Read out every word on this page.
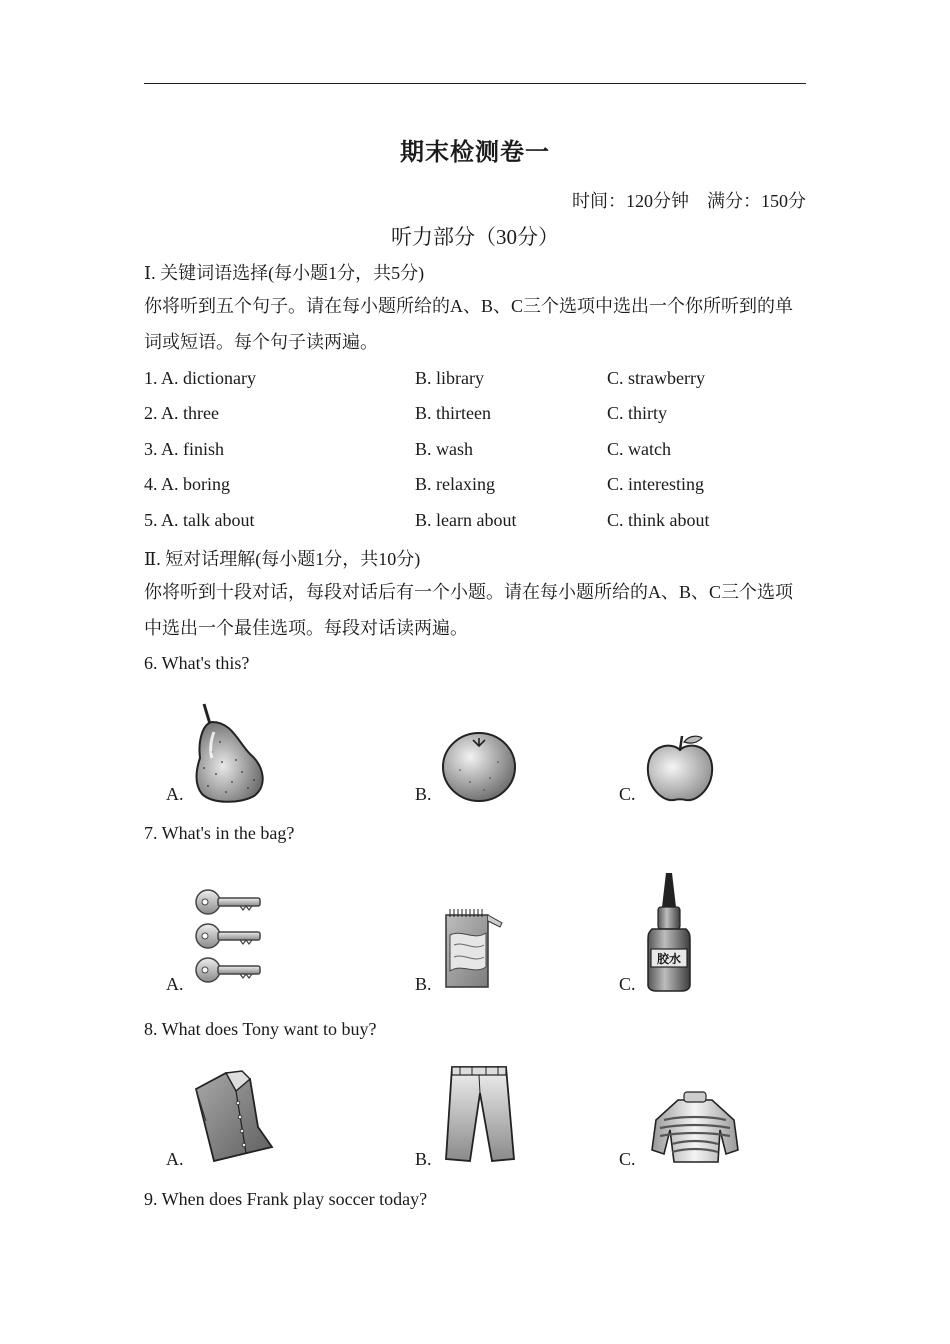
期末检测卷一
时间：120分钟　满分：150分
听力部分（30分）
Ⅰ. 关键词语选择(每小题1分，共5分)
你将听到五个句子。请在每小题所给的A、B、C三个选项中选出一个你所听到的单词或短语。每个句子读两遍。
1. A. dictionary	B. library	C. strawberry
2. A. three	B. thirteen	C. thirty
3. A. finish	B. wash	C. watch
4. A. boring	B. relaxing	C. interesting
5. A. talk about	B. learn about	C. think about
Ⅱ. 短对话理解(每小题1分，共10分)
你将听到十段对话，每段对话后有一个小题。请在每小题所给的A、B、C三个选项中选出一个最佳选项。每段对话读两遍。
6. What's this?
A.	B.	C.
7. What's in the bag?
A.	B.	C.
胶水
8. What does Tony want to buy?
A.	B.	C.
9. When does Frank play soccer today?
